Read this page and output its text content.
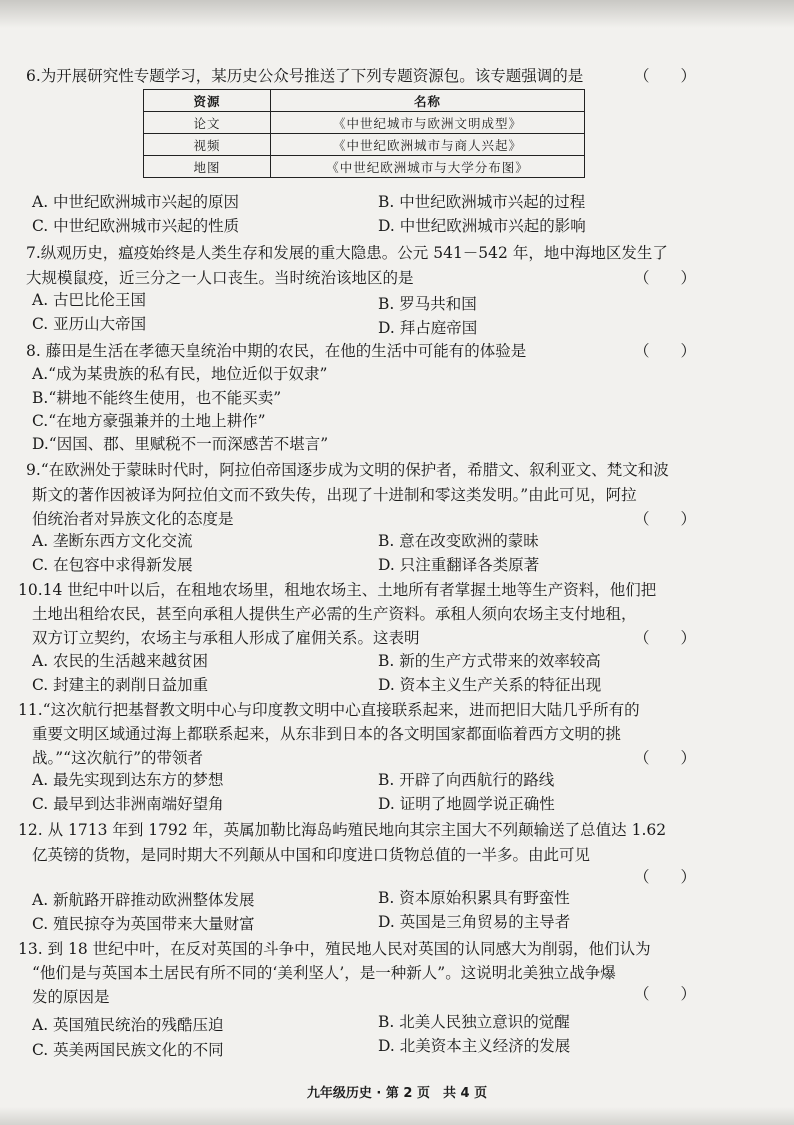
6.为开展研究性专题学习，某历史公众号推送了下列专题资源包。该专题强调的是	（　　）
资源	名称
论文	《中世纪城市与欧洲文明成型》
视频	《中世纪欧洲城市与商人兴起》
地图	《中世纪欧洲城市与大学分布图》
A. 中世纪欧洲城市兴起的原因	B. 中世纪欧洲城市兴起的过程
C. 中世纪欧洲城市兴起的性质	D. 中世纪欧洲城市兴起的影响
7.纵观历史，瘟疫始终是人类生存和发展的重大隐患。公元 541－542 年，地中海地区发生了
大规模鼠疫，近三分之一人口丧生。当时统治该地区的是	（　　）
A. 古巴比伦王国	B. 罗马共和国
C. 亚历山大帝国	D. 拜占庭帝国
8. 藤田是生活在孝德天皇统治中期的农民，在他的生活中可能有的体验是	（　　）
A.“成为某贵族的私有民，地位近似于奴隶”
B.“耕地不能终生使用，也不能买卖”
C.“在地方豪强兼并的土地上耕作”
D.“因国、郡、里赋税不一而深感苦不堪言”
9.“在欧洲处于蒙昧时代时，阿拉伯帝国逐步成为文明的保护者，希腊文、叙利亚文、梵文和波
斯文的著作因被译为阿拉伯文而不致失传，出现了十进制和零这类发明。”由此可见，阿拉
伯统治者对异族文化的态度是	（　　）
A. 垄断东西方文化交流	B. 意在改变欧洲的蒙昧
C. 在包容中求得新发展	D. 只注重翻译各类原著
10.14 世纪中叶以后，在租地农场里，租地农场主、土地所有者掌握土地等生产资料，他们把
土地出租给农民，甚至向承租人提供生产必需的生产资料。承租人须向农场主支付地租，
双方订立契约，农场主与承租人形成了雇佣关系。这表明	（　　）
A. 农民的生活越来越贫困	B. 新的生产方式带来的效率较高
C. 封建主的剥削日益加重	D. 资本主义生产关系的特征出现
11.“这次航行把基督教文明中心与印度教文明中心直接联系起来，进而把旧大陆几乎所有的
重要文明区域通过海上都联系起来，从东非到日本的各文明国家都面临着西方文明的挑
战。”“这次航行”的带领者	（　　）
A. 最先实现到达东方的梦想	B. 开辟了向西航行的路线
C. 最早到达非洲南端好望角	D. 证明了地圆学说正确性
12. 从 1713 年到 1792 年，英属加勒比海岛屿殖民地向其宗主国大不列颠输送了总值达 1.62
亿英镑的货物，是同时期大不列颠从中国和印度进口货物总值的一半多。由此可见
（　　）
A. 新航路开辟推动欧洲整体发展	B. 资本原始积累具有野蛮性
C. 殖民掠夺为英国带来大量财富	D. 英国是三角贸易的主导者
13. 到 18 世纪中叶，在反对英国的斗争中，殖民地人民对英国的认同感大为削弱，他们认为
“他们是与英国本土居民有所不同的‘美利坚人’，是一种新人”。这说明北美独立战争爆
发的原因是	（　　）
A. 英国殖民统治的残酷压迫	B. 北美人民独立意识的觉醒
C. 英美两国民族文化的不同	D. 北美资本主义经济的发展
九年级历史 · 第 2 页　共 4 页
